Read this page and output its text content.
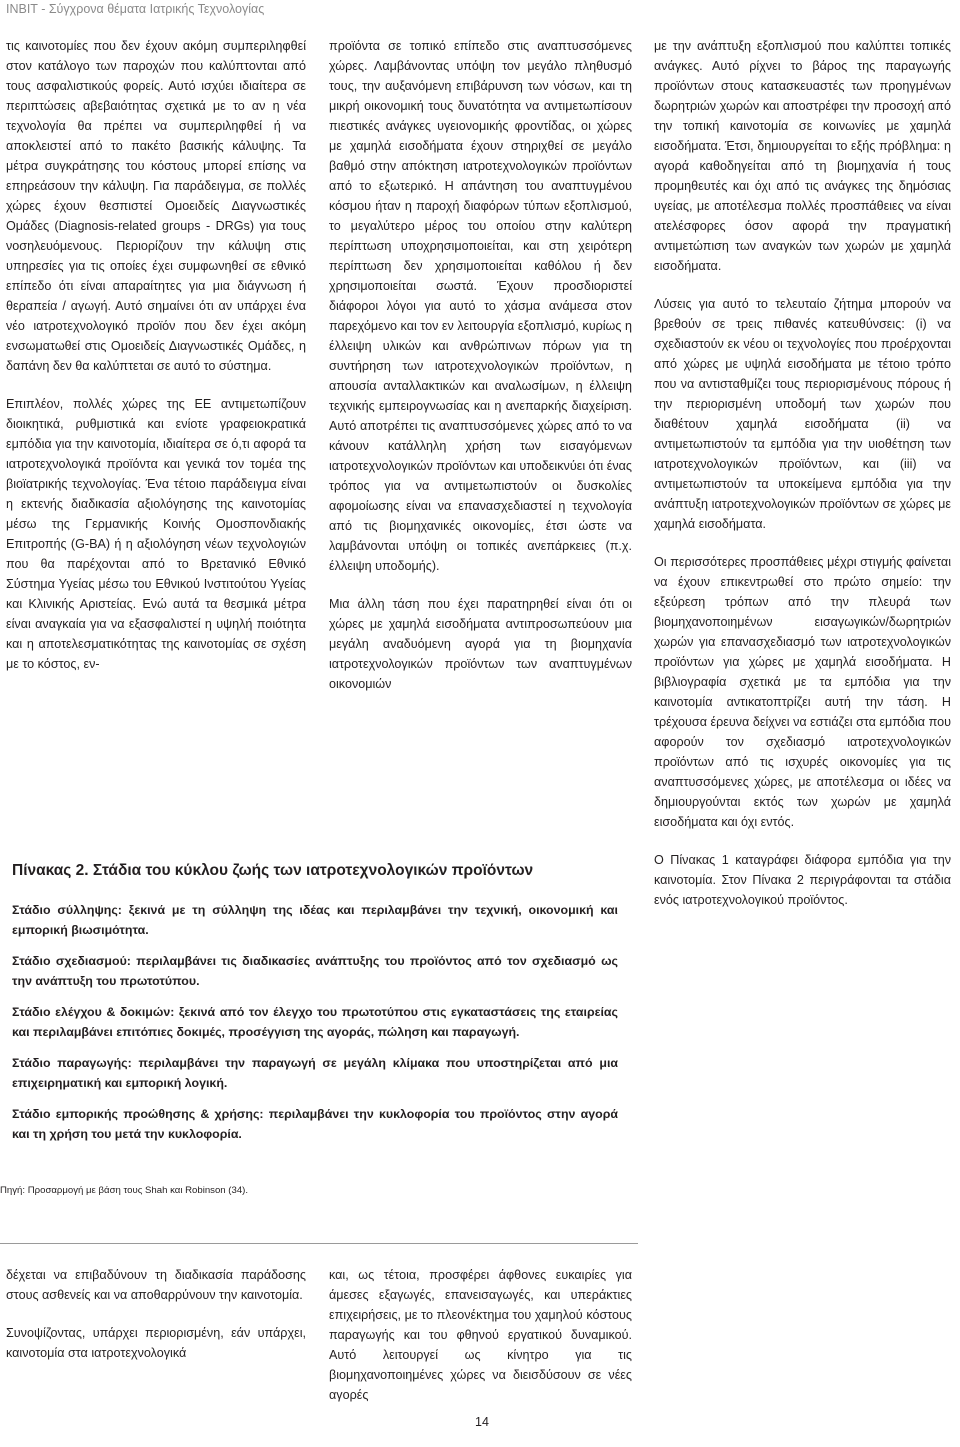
INBIT - Σύγχρονα θέματα Ιατρικής Τεχνολογίας

τις καινοτομίες που δεν έχουν ακόμη συμπεριληφθεί στον κατάλογο των παροχών που καλύπτονται από τους ασφαλιστικούς φορείς. Αυτό ισχύει ιδιαίτερα σε περιπτώσεις αβεβαιότητας σχετικά με το αν η νέα τεχνολογία θα πρέπει να συμπεριληφθεί ή να αποκλειστεί από το πακέτο βασικής κάλυψης. Τα μέτρα συγκράτησης του κόστους μπορεί επίσης να επηρεάσουν την κάλυψη. Για παράδειγμα, σε πολλές χώρες έχουν θεσπιστεί Ομοειδείς Διαγνωστικές Ομάδες (Diagnosis-related groups - DRGs) για τους νοσηλευόμενους. Περιορίζουν την κάλυψη στις υπηρεσίες για τις οποίες έχει συμφωνηθεί σε εθνικό επίπεδο ότι είναι απαραίτητες για μια διάγνωση ή θεραπεία / αγωγή. Αυτό σημαίνει ότι αν υπάρχει ένα νέο ιατροτεχνολογικό προϊόν που δεν έχει ακόμη ενσωματωθεί στις Ομοειδείς Διαγνωστικές Ομάδες, η δαπάνη δεν θα καλύπτεται σε αυτό το σύστημα.

Επιπλέον, πολλές χώρες της ΕΕ αντιμετωπίζουν διοικητικά, ρυθμιστικά και ενίοτε γραφειοκρατικά εμπόδια για την καινοτομία, ιδιαίτερα σε ό,τι αφορά τα ιατροτεχνολογικά προϊόντα και γενικά τον τομέα της βιοϊατρικής τεχνολογίας. Ένα τέτοιο παράδειγμα είναι η εκτενής διαδικασία αξιολόγησης της καινοτομίας μέσω της Γερμανικής Κοινής Ομοσπονδιακής Επιτροπής (G-BA) ή η αξιολόγηση νέων τεχνολογιών που θα παρέχονται από το Βρετανικό Εθνικό Σύστημα Υγείας μέσω του Εθνικού Ινστιτούτου Υγείας και Κλινικής Αριστείας. Ενώ αυτά τα θεσμικά μέτρα είναι αναγκαία για να εξασφαλιστεί η υψηλή ποιότητα και η αποτελεσματικότητας της καινοτομίας σε σχέση με το κόστος, εν-

προϊόντα σε τοπικό επίπεδο στις αναπτυσσόμενες χώρες. Λαμβάνοντας υπόψη τον μεγάλο πληθυσμό τους, την αυξανόμενη επιβάρυνση των νόσων, και τη μικρή οικονομική τους δυνατότητα να αντιμετωπίσουν πιεστικές ανάγκες υγειονομικής φροντίδας, οι χώρες με χαμηλά εισοδήματα έχουν στηριχθεί σε μεγάλο βαθμό στην απόκτηση ιατροτεχνολογικών προϊόντων από το εξωτερικό. Η απάντηση του αναπτυγμένου κόσμου ήταν η παροχή διαφόρων τύπων εξοπλισμού, το μεγαλύτερο μέρος του οποίου στην καλύτερη περίπτωση υποχρησιμοποιείται, και στη χειρότερη περίπτωση δεν χρησιμοποιείται καθόλου ή δεν χρησιμοποιείται σωστά. Έχουν προσδιοριστεί διάφοροι λόγοι για αυτό το χάσμα ανάμεσα στον παρεχόμενο και τον εν λειτουργία εξοπλισμό, κυρίως η έλλειψη υλικών και ανθρώπινων πόρων για τη συντήρηση των ιατροτεχνολογικών προϊόντων, η απουσία ανταλλακτικών και αναλωσίμων, η έλλειψη τεχνικής εμπειρογνωσίας και η ανεπαρκής διαχείριση. Αυτό αποτρέπει τις αναπτυσσόμενες χώρες από το να κάνουν κατάλληλη χρήση των εισαγόμενων ιατροτεχνολογικών προϊόντων και υποδεικνύει ότι ένας τρόπος για να αντιμετωπιστούν οι δυσκολίες αφομοίωσης είναι να επανασχεδιαστεί η τεχνολογία από τις βιομηχανικές οικονομίες, έτσι ώστε να λαμβάνονται υπόψη οι τοπικές ανεπάρκειες (π.χ. έλλειψη υποδομής).

Μια άλλη τάση που έχει παρατηρηθεί είναι ότι οι χώρες με χαμηλά εισοδήματα αντιπροσωπεύουν μια μεγάλη αναδυόμενη αγορά για τη βιομηχανία ιατροτεχνολογικών προϊόντων των αναπτυγμένων οικονομιών

με την ανάπτυξη εξοπλισμού που καλύπτει τοπικές ανάγκες. Αυτό ρίχνει το βάρος της παραγωγής προϊόντων στους κατασκευαστές των προηγμένων δωρητριών χωρών και αποστρέφει την προσοχή από την τοπική καινοτομία σε κοινωνίες με χαμηλά εισοδήματα. Έτσι, δημιουργείται το εξής πρόβλημα: η αγορά καθοδηγείται από τη βιομηχανία ή τους προμηθευτές και όχι από τις ανάγκες της δημόσιας υγείας, με αποτέλεσμα πολλές προσπάθειες να είναι ατελέσφορες όσον αφορά την πραγματική αντιμετώπιση των αναγκών των χωρών με χαμηλά εισοδήματα.

Λύσεις για αυτό το τελευταίο ζήτημα μπορούν να βρεθούν σε τρεις πιθανές κατευθύνσεις: (i) να σχεδιαστούν εκ νέου οι τεχνολογίες που προέρχονται από χώρες με υψηλά εισοδήματα με τέτοιο τρόπο που να αντισταθμίζει τους περιορισμένους πόρους ή την περιορισμένη υποδομή των χωρών που διαθέτουν χαμηλά εισοδήματα (ii) να αντιμετωπιστούν τα εμπόδια για την υιοθέτηση των ιατροτεχνολογικών προϊόντων, και (iii) να αντιμετωπιστούν τα υποκείμενα εμπόδια για την ανάπτυξη ιατροτεχνολογικών προϊόντων σε χώρες με χαμηλά εισοδήματα.

Οι περισσότερες προσπάθειες μέχρι στιγμής φαίνεται να έχουν επικεντρωθεί στο πρώτο σημείο: την εξεύρεση τρόπων από την πλευρά των βιομηχανοποιημένων εισαγωγικών/δωρητριών χωρών για επανασχεδιασμό των ιατροτεχνολογικών προϊόντων για χώρες με χαμηλά εισοδήματα. Η βιβλιογραφία σχετικά με τα εμπόδια για την καινοτομία αντικατοπτρίζει αυτή την τάση. Η τρέχουσα έρευνα δείχνει να εστιάζει στα εμπόδια που αφορούν τον σχεδιασμό ιατροτεχνολογικών προϊόντων από τις ισχυρές οικονομίες για τις αναπτυσσόμενες χώρες, με αποτέλεσμα οι ιδέες να δημιουργούνται εκτός των χωρών με χαμηλά εισοδήματα και όχι εντός.

Ο Πίνακας 1 καταγράφει διάφορα εμπόδια για την καινοτομία. Στον Πίνακα 2 περιγράφονται τα στάδια ενός ιατροτεχνολογικού προϊόντος.

Πίνακας 2. Στάδια του κύκλου ζωής των ιατροτεχνολογικών προϊόντων
Στάδιο σύλληψης: ξεκινά με τη σύλληψη της ιδέας και περιλαμβάνει την τεχνική, οικονομική και εμπορική βιωσιμότητα.
Στάδιο σχεδιασμού: περιλαμβάνει τις διαδικασίες ανάπτυξης του προϊόντος από τον σχεδιασμό ως την ανάπτυξη του πρωτοτύπου.
Στάδιο ελέγχου & δοκιμών: ξεκινά από τον έλεγχο του πρωτοτύπου στις εγκαταστάσεις της εταιρείας και περιλαμβάνει επιτόπιες δοκιμές, προσέγγιση της αγοράς, πώληση και παραγωγή.
Στάδιο παραγωγής: περιλαμβάνει την παραγωγή σε μεγάλη κλίμακα που υποστηρίζεται από μια επιχειρηματική και εμπορική λογική.
Στάδιο εμπορικής προώθησης & χρήσης: περιλαμβάνει την κυκλοφορία του προϊόντος στην αγορά και τη χρήση του μετά την κυκλοφορία.
Πηγή: Προσαρμογή με βάση τους Shah και Robinson (34).

δέχεται να επιβαδύνουν τη διαδικασία παράδοσης στους ασθενείς και να αποθαρρύνουν την καινοτομία.

Συνοψίζοντας, υπάρχει περιορισμένη, εάν υπάρχει, καινοτομία στα ιατροτεχνολογικά

και, ως τέτοια, προσφέρει άφθονες ευκαιρίες για άμεσες εξαγωγές, επανεισαγωγές, και υπεράκτιες επιχειρήσεις, με το πλεονέκτημα του χαμηλού κόστους παραγωγής και του φθηνού εργατικού δυναμικού. Αυτό λειτουργεί ως κίνητρο για τις βιομηχανοποιημένες χώρες να διεισδύσουν σε νέες αγορές

14
